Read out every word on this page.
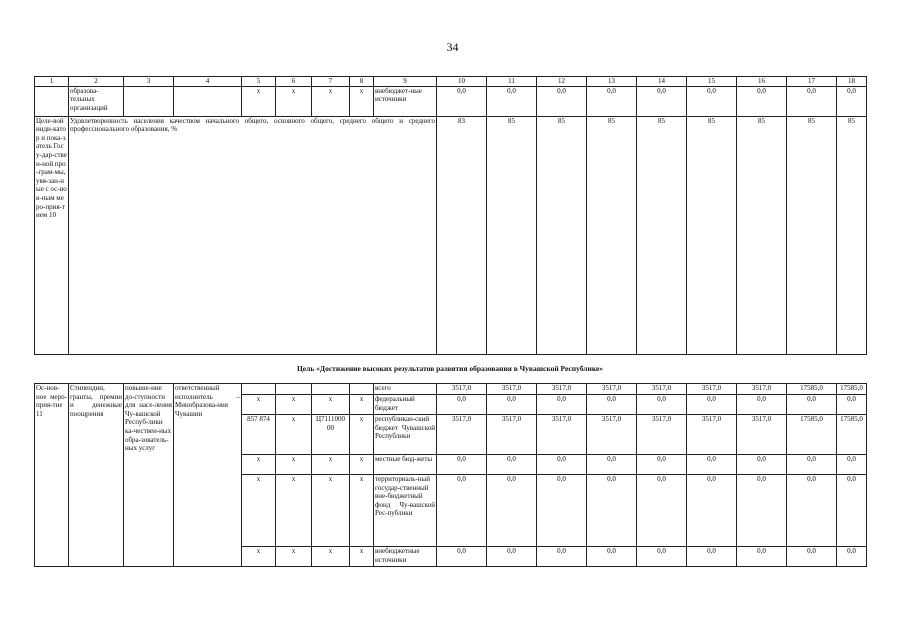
34
1	2	3	4	5	6	7	8	9	10	11	12	13	14	15	16	17	18
	образова-тельных организаций			x	x	x	x	внебюджет-ные источники	0,0	0,0	0,0	0,0	0,0	0,0	0,0	0,0	0,0
Целе-вой инди-катор и пока-затель Госу-дар-ствен-ной про-грам-мы, увя-зан-ные с ос-нов-ным меро-прия-тием 10	Удовлетворенность населения качеством начального общего, основного общего, среднего общего и среднего профессионального образования, %								83	85	85	85	85	85	85	85	85
Цель «Достижение высоких результатов развития образования в Чувашской Республике»
Ос-нов-ное меро-прия-тие 11	Стипендии, гранты, премии и денежные поощрения	повыше-ние до-ступности для насе-ления Чу-вашской Респуб-лики ка-чествен-ных обра-зователь-ных услуг	ответственный исполнитель – Минобразова-ния Чувашии					всего	3517,0	3517,0	3517,0	3517,0	3517,0	3517,0	3517,0	17585,0	17585,0
				x	x	x	x	федеральный бюджет	0,0	0,0	0,0	0,0	0,0	0,0	0,0	0,0	0,0
				857 874	x	Ц7111000 00	x	республикан-ский бюджет Чувашской Республики	3517,0	3517,0	3517,0	3517,0	3517,0	3517,0	3517,0	17585,0	17585,0
				x	x	x	x	местные бюд-жеты	0,0	0,0	0,0	0,0	0,0	0,0	0,0	0,0	0,0
				x	x	x	x	территориаль-ный государ-ственный вне-бюджетный фонд Чу-вашской Рес-публики	0,0	0,0	0,0	0,0	0,0	0,0	0,0	0,0	0,0
				x	x	x	x	внебюджетные источники	0,0	0,0	0,0	0,0	0,0	0,0	0,0	0,0	0,0
